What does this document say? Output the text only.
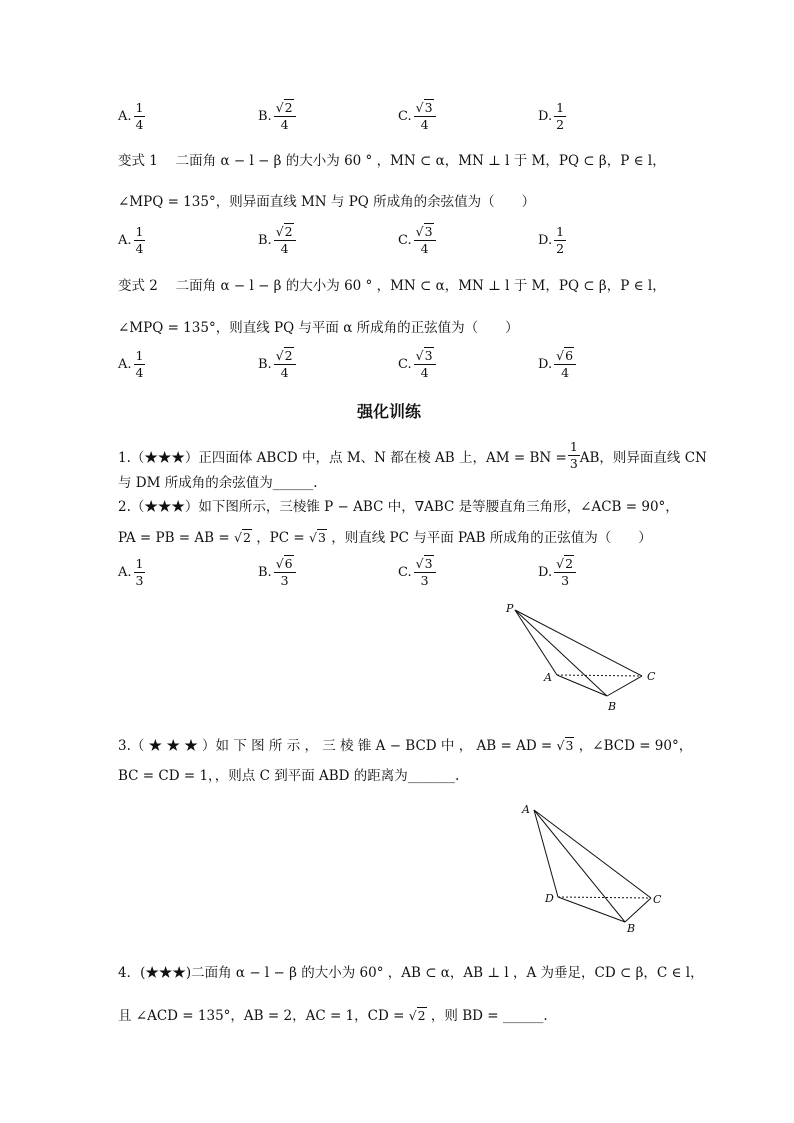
A. $\frac{1}{4}$	B. $\frac{√2}{4}$	C. $\frac{√3}{4}$	D. $\frac{1}{2}$
变式 1　 二面角 α − l − β 的大小为 60 ° ，MN ⊂ α，MN ⊥ l 于 M，PQ ⊂ β，P ∈ l，
∠MPQ = 135°，则异面直线 MN 与 PQ 所成角的余弦值为（　　）
A. $\frac{1}{4}$	B. $\frac{√2}{4}$	C. $\frac{√3}{4}$	D. $\frac{1}{2}$
变式 2　 二面角 α − l − β 的大小为 60 ° ，MN ⊂ α，MN ⊥ l 于 M，PQ ⊂ β，P ∈ l，
∠MPQ = 135°，则直线 PQ 与平面 α 所成角的正弦值为（　　）
A. $\frac{1}{4}$	B. $\frac{√2}{4}$	C. $\frac{√3}{4}$	D. $\frac{√6}{4}$
强化训练
1.（★★★）正四面体 ABCD 中，点 M、N 都在棱 AB 上，AM = BN = $\frac{1}{3}$ AB，则异面直线 CN
与 DM 所成角的余弦值为______.
2.（★★★）如下图所示，三棱锥 P − ABC 中，∇ABC 是等腰直角三角形，∠ACB = 90°，
PA = PB = AB = √2 ，PC = √3 ，则直线 PC 与平面 PAB 所成角的正弦值为（　　）
A. $\frac{1}{3}$	B. $\frac{√6}{3}$	C. $\frac{√3}{3}$	D. $\frac{√2}{3}$
P
A
B
C
3.（ ★ ★ ★ ）如 下 图 所 示 ， 三 棱 锥 A − BCD 中 ， AB = AD = √3 ，∠BCD = 90°，
BC = CD = 1，，则点 C 到平面 ABD 的距离为_______.
A
D
B
C
4．(★★★)二面角 α − l − β 的大小为 60° ，AB ⊂ α，AB ⊥ l ，A 为垂足，CD ⊂ β，C ∈ l，
且 ∠ACD = 135°，AB = 2，AC = 1，CD = √2 ，则 BD = ______.
